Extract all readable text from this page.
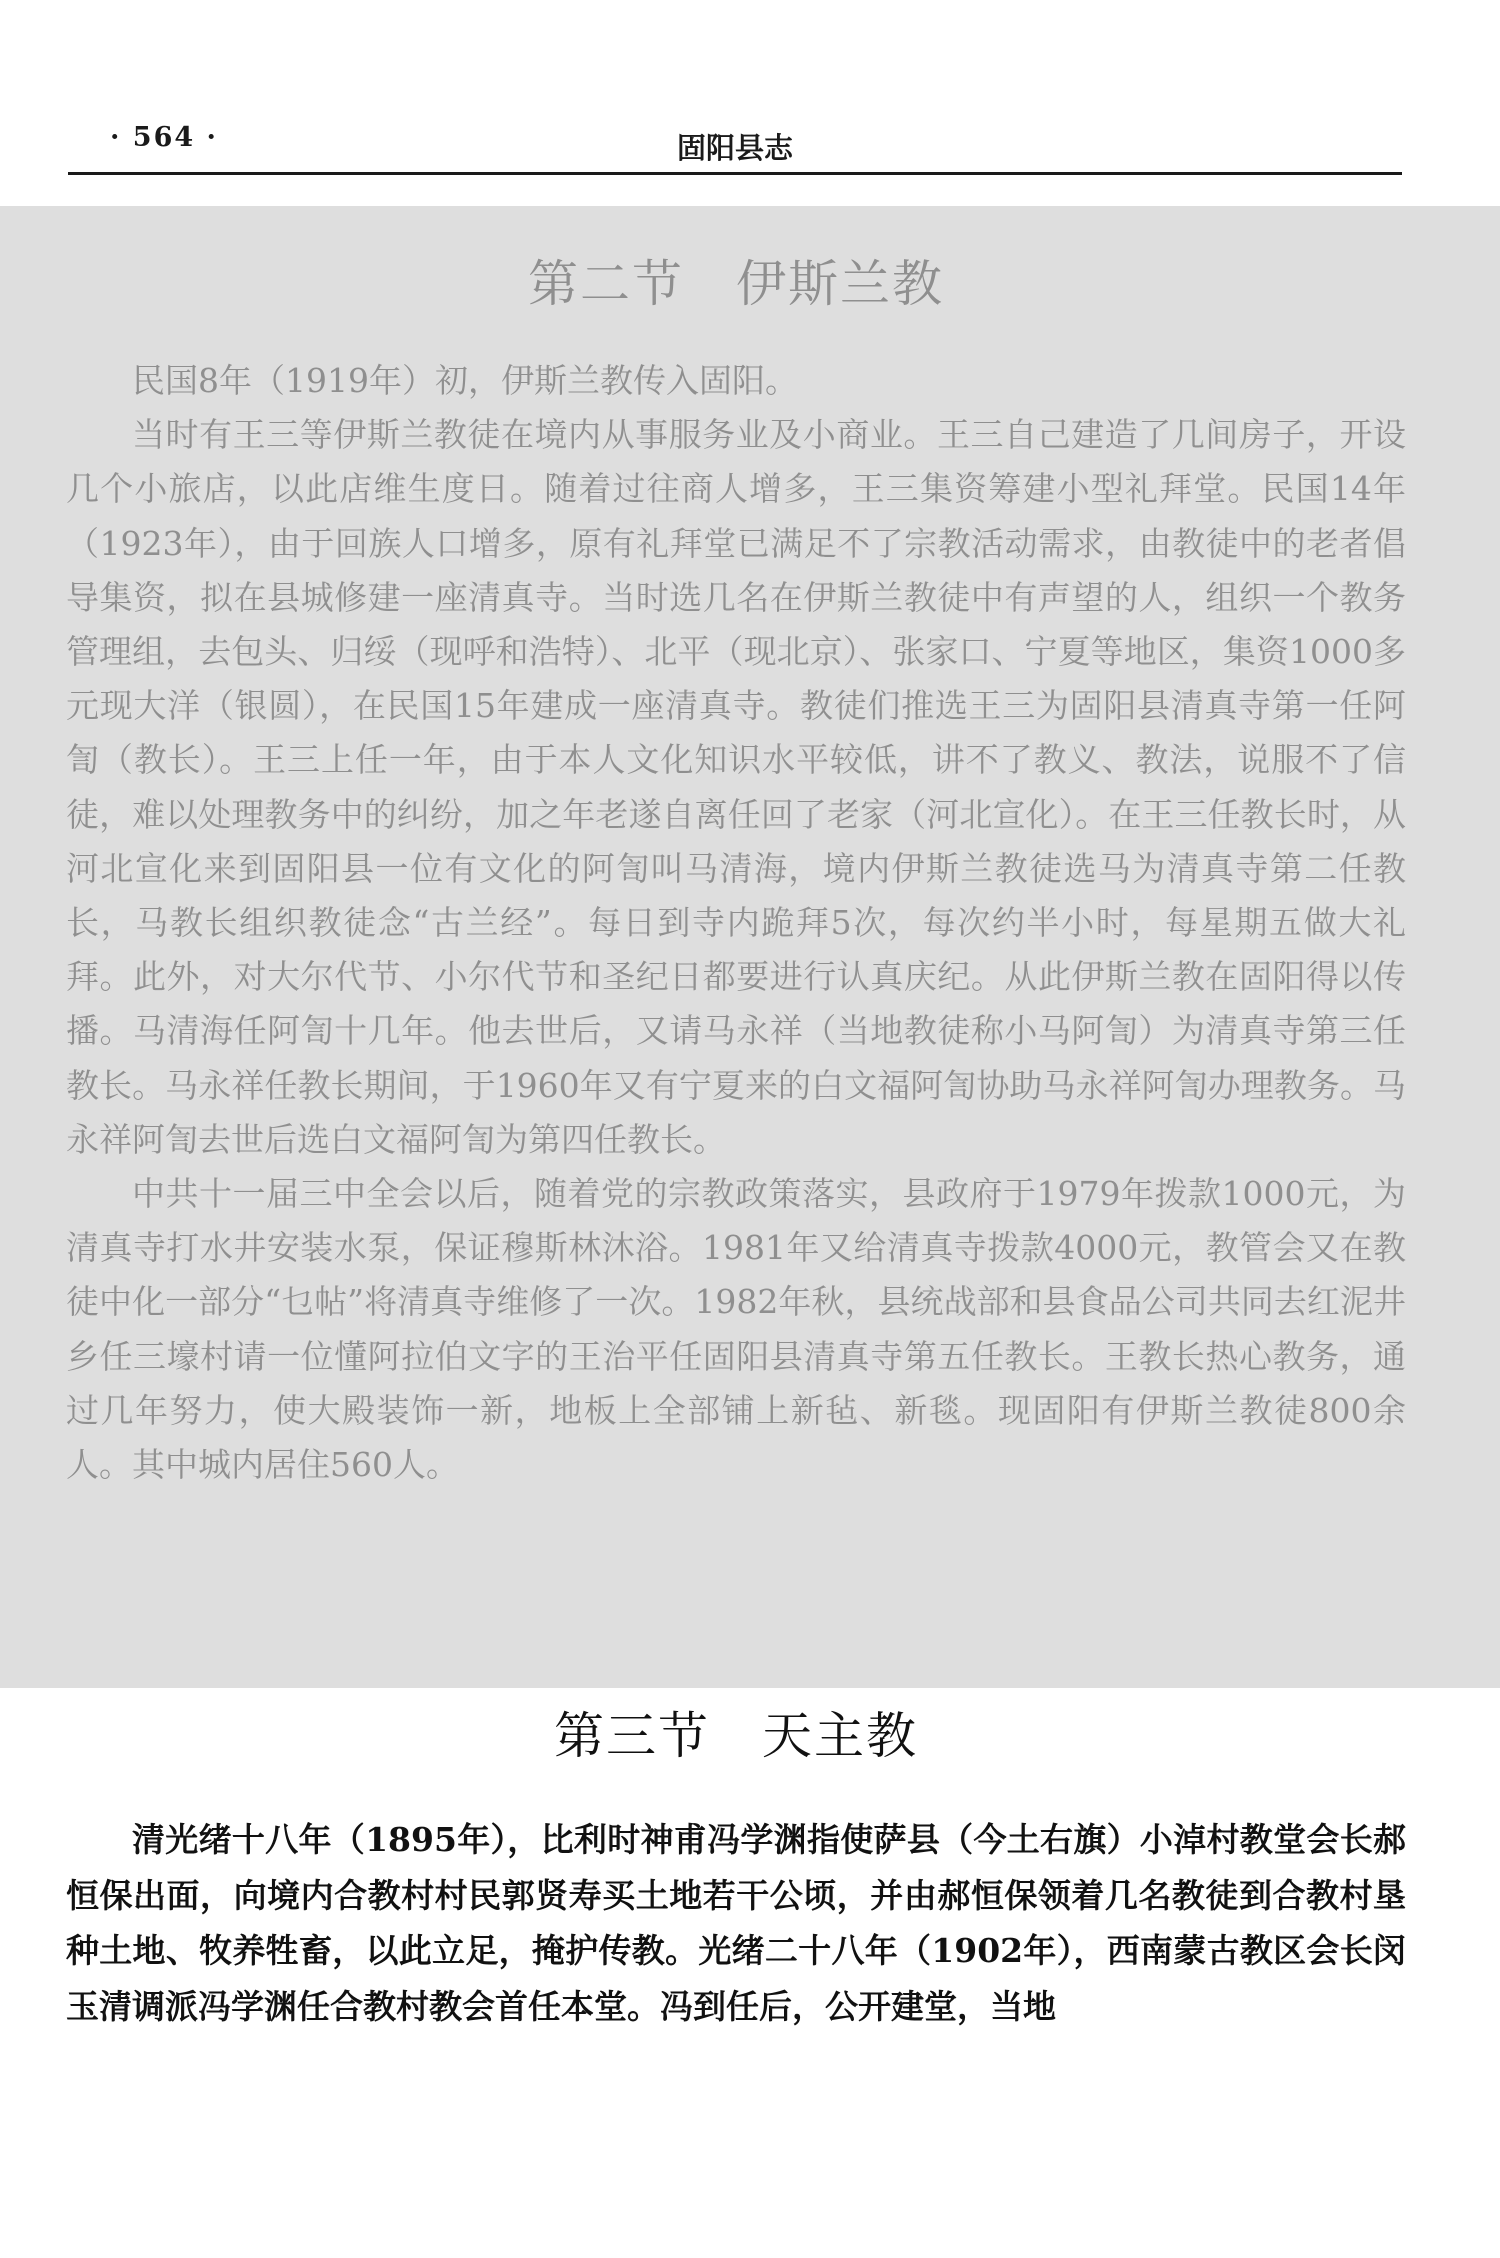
· 564 ·	固阳县志
第二节　伊斯兰教

民国8年（1919年）初，伊斯兰教传入固阳。

当时有王三等伊斯兰教徒在境内从事服务业及小商业。王三自己建造了几间房子，开设几个小旅店，以此店维生度日。随着过往商人增多，王三集资筹建小型礼拜堂。民国14年（1923年），由于回族人口增多，原有礼拜堂已满足不了宗教活动需求，由教徒中的老者倡导集资，拟在县城修建一座清真寺。当时选几名在伊斯兰教徒中有声望的人，组织一个教务管理组，去包头、归绥（现呼和浩特）、北平（现北京）、张家口、宁夏等地区，集资1000多元现大洋（银圆），在民国15年建成一座清真寺。教徒们推选王三为固阳县清真寺第一任阿訇（教长）。王三上任一年，由于本人文化知识水平较低，讲不了教义、教法，说服不了信徒，难以处理教务中的纠纷，加之年老遂自离任回了老家（河北宣化）。在王三任教长时，从河北宣化来到固阳县一位有文化的阿訇叫马清海，境内伊斯兰教徒选马为清真寺第二任教长，马教长组织教徒念“古兰经”。每日到寺内跪拜5次，每次约半小时，每星期五做大礼拜。此外，对大尔代节、小尔代节和圣纪日都要进行认真庆纪。从此伊斯兰教在固阳得以传播。马清海任阿訇十几年。他去世后，又请马永祥（当地教徒称小马阿訇）为清真寺第三任教长。马永祥任教长期间，于1960年又有宁夏来的白文福阿訇协助马永祥阿訇办理教务。马永祥阿訇去世后选白文福阿訇为第四任教长。

中共十一届三中全会以后，随着党的宗教政策落实，县政府于1979年拨款1000元，为清真寺打水井安装水泵，保证穆斯林沐浴。1981年又给清真寺拨款4000元，教管会又在教徒中化一部分“乜帖”将清真寺维修了一次。1982年秋，县统战部和县食品公司共同去红泥井乡任三壕村请一位懂阿拉伯文字的王治平任固阳县清真寺第五任教长。王教长热心教务，通过几年努力，使大殿装饰一新，地板上全部铺上新毡、新毯。现固阳有伊斯兰教徒800余人。其中城内居住560人。

第三节　天主教

清光绪十八年（1895年），比利时神甫冯学渊指使萨县（今土右旗）小淖村教堂会长郝恒保出面，向境内合教村村民郭贤寿买土地若干公顷，并由郝恒保领着几名教徒到合教村垦种土地、牧养牲畜，以此立足，掩护传教。光绪二十八年（1902年），西南蒙古教区会长闵玉清调派冯学渊任合教村教会首任本堂。冯到任后，公开建堂，当地
